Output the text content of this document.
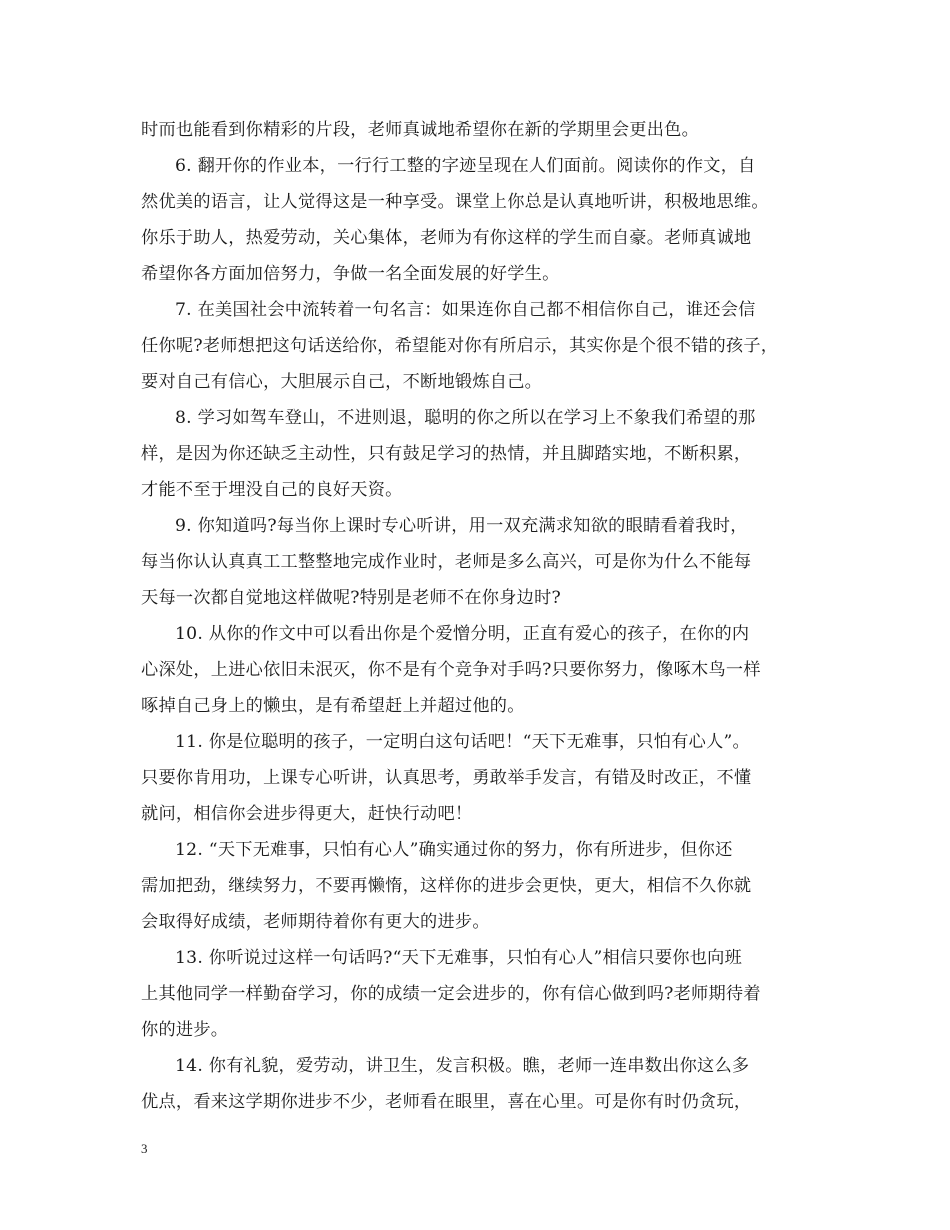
时而也能看到你精彩的片段，老师真诚地希望你在新的学期里会更出色。
6. 翻开你的作业本，一行行工整的字迹呈现在人们面前。阅读你的作文，自
然优美的语言，让人觉得这是一种享受。课堂上你总是认真地听讲，积极地思维。
你乐于助人，热爱劳动，关心集体，老师为有你这样的学生而自豪。老师真诚地
希望你各方面加倍努力，争做一名全面发展的好学生。
7. 在美国社会中流转着一句名言：如果连你自己都不相信你自己，谁还会信
任你呢?老师想把这句话送给你，希望能对你有所启示，其实你是个很不错的孩子，
要对自己有信心，大胆展示自己，不断地锻炼自己。
8. 学习如驾车登山，不进则退，聪明的你之所以在学习上不象我们希望的那
样，是因为你还缺乏主动性，只有鼓足学习的热情，并且脚踏实地，不断积累，
才能不至于埋没自己的良好天资。
9. 你知道吗?每当你上课时专心听讲，用一双充满求知欲的眼睛看着我时，
每当你认认真真工工整整地完成作业时，老师是多么高兴，可是你为什么不能每
天每一次都自觉地这样做呢?特别是老师不在你身边时?
10. 从你的作文中可以看出你是个爱憎分明，正直有爱心的孩子，在你的内
心深处，上进心依旧未泯灭，你不是有个竞争对手吗?只要你努力，像啄木鸟一样
啄掉自己身上的懒虫，是有希望赶上并超过他的。
11. 你是位聪明的孩子，一定明白这句话吧！“天下无难事，只怕有心人”。
只要你肯用功，上课专心听讲，认真思考，勇敢举手发言，有错及时改正，不懂
就问，相信你会进步得更大，赶快行动吧！
12. “天下无难事，只怕有心人”确实通过你的努力，你有所进步，但你还
需加把劲，继续努力，不要再懒惰，这样你的进步会更快，更大，相信不久你就
会取得好成绩，老师期待着你有更大的进步。
13. 你听说过这样一句话吗?“天下无难事，只怕有心人”相信只要你也向班
上其他同学一样勤奋学习，你的成绩一定会进步的，你有信心做到吗?老师期待着
你的进步。
14. 你有礼貌，爱劳动，讲卫生，发言积极。瞧，老师一连串数出你这么多
优点，看来这学期你进步不少，老师看在眼里，喜在心里。可是你有时仍贪玩，
3
